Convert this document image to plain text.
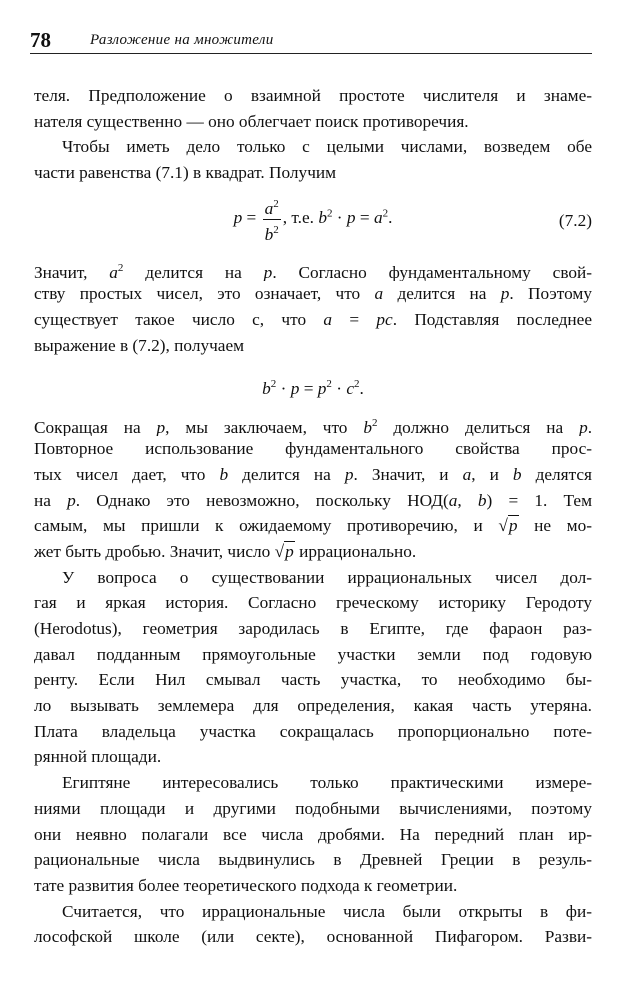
78	Разложение на множители
теля. Предположение о взаимной простоте числителя и знаме-
нателя существенно — оно облегчает поиск противоречия.
Чтобы иметь дело только с целыми числами, возведем обе
части равенства (7.1) в квадрат. Получим
$p = \frac{a^2}{b^2}$ , т.е. $b^2 \cdot p = a^2$.	(7.2)
Значит, $a^2$ делится на p. Согласно фундаментальному свой-
ству простых чисел, это означает, что a делится на p. Поэтому
существует такое число c, что a = pc. Подставляя последнее
выражение в (7.2), получаем
$b^2 \cdot p = p^2 \cdot c^2$.
Сокращая на p, мы заключаем, что $b^2$ должно делиться на p.
Повторное использование фундаментального свойства прос-
тых чисел дает, что b делится на p. Значит, и a, и b делятся
на p. Однако это невозможно, поскольку НОД(a, b) = 1. Тем
самым, мы пришли к ожидаемому противоречию, и √p не мо-
жет быть дробью. Значит, число √p иррационально.
У вопроса о существовании иррациональных чисел дол-
гая и яркая история. Согласно греческому историку Геродоту
(Herodotus), геометрия зародилась в Египте, где фараон раз-
давал подданным прямоугольные участки земли под годовую
ренту. Если Нил смывал часть участка, то необходимо бы-
ло вызывать землемера для определения, какая часть утеряна.
Плата владельца участка сокращалась пропорционально поте-
рянной площади.
Египтяне интересовались только практическими измере-
ниями площади и другими подобными вычислениями, поэтому
они неявно полагали все числа дробями. На передний план ир-
рациональные числа выдвинулись в Древней Греции в резуль-
тате развития более теоретического подхода к геометрии.
Считается, что иррациональные числа были открыты в фи-
лософской школе (или секте), основанной Пифагором. Разви-
